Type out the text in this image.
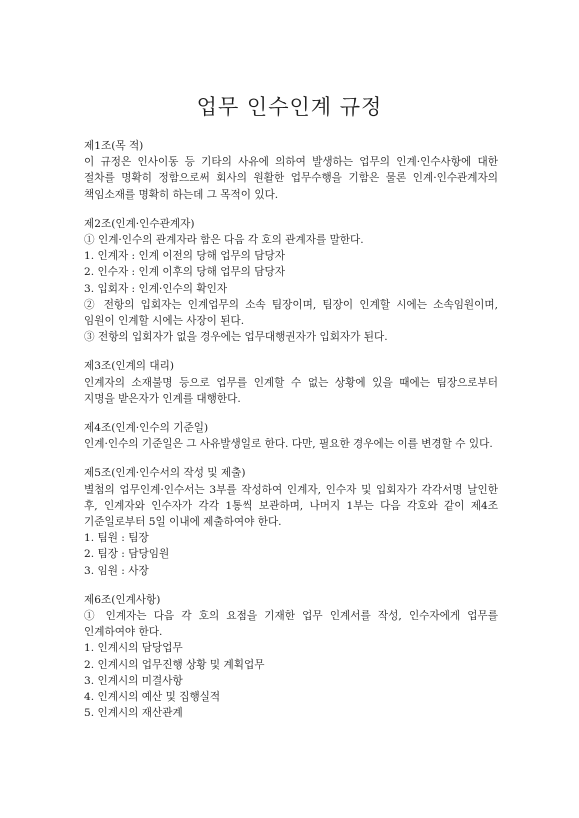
업무 인수인계 규정

제1조(목 적)

이 규정은 인사이동 등 기타의 사유에 의하여 발생하는 업무의 인계·인수사항에 대한 절차를 명확히 정함으로써 회사의 원활한 업무수행을 기함은 물론 인계·인수관계자의 책임소재를 명확히 하는데 그 목적이 있다.

제2조(인계·인수관계자)

① 인계·인수의 관계자라 함은 다음 각 호의 관계자를 말한다.

1. 인계자 : 인계 이전의 당해 업무의 담당자

2. 인수자 : 인계 이후의 당해 업무의 담당자

3. 입회자 : 인계·인수의 확인자

② 전항의 입회자는 인계업무의 소속 팀장이며, 팀장이 인계할 시에는 소속임원이며, 임원이 인계할 시에는 사장이 된다.

③ 전항의 입회자가 없을 경우에는 업무대행권자가 입회자가 된다.

제3조(인계의 대리)

인계자의 소재불명 등으로 업무를 인계할 수 없는 상황에 있을 때에는 팀장으로부터 지명을 받은자가 인계를 대행한다.

제4조(인계·인수의 기준일)

인계·인수의 기준일은 그 사유발생일로 한다. 다만, 필요한 경우에는 이를 변경할 수 있다.

제5조(인계·인수서의 작성 및 제출)

별첨의 업무인계·인수서는 3부를 작성하여 인계자, 인수자 및 입회자가 각각서명 날인한 후, 인계자와 인수자가 각각 1통씩 보관하며, 나머지 1부는 다음 각호와 같이 제4조 기준일로부터 5일 이내에 제출하여야 한다.

1. 팀원 : 팀장

2. 팀장 : 담당임원

3. 임원 : 사장

제6조(인계사항)

① 인계자는 다음 각 호의 요점을 기재한 업무 인계서를 작성, 인수자에게 업무를 인계하여야 한다.

1. 인계시의 담당업무

2. 인계시의 업무진행 상황 및 계획업무

3. 인계시의 미결사항

4. 인계시의 예산 및 집행실적

5. 인계시의 재산관계
